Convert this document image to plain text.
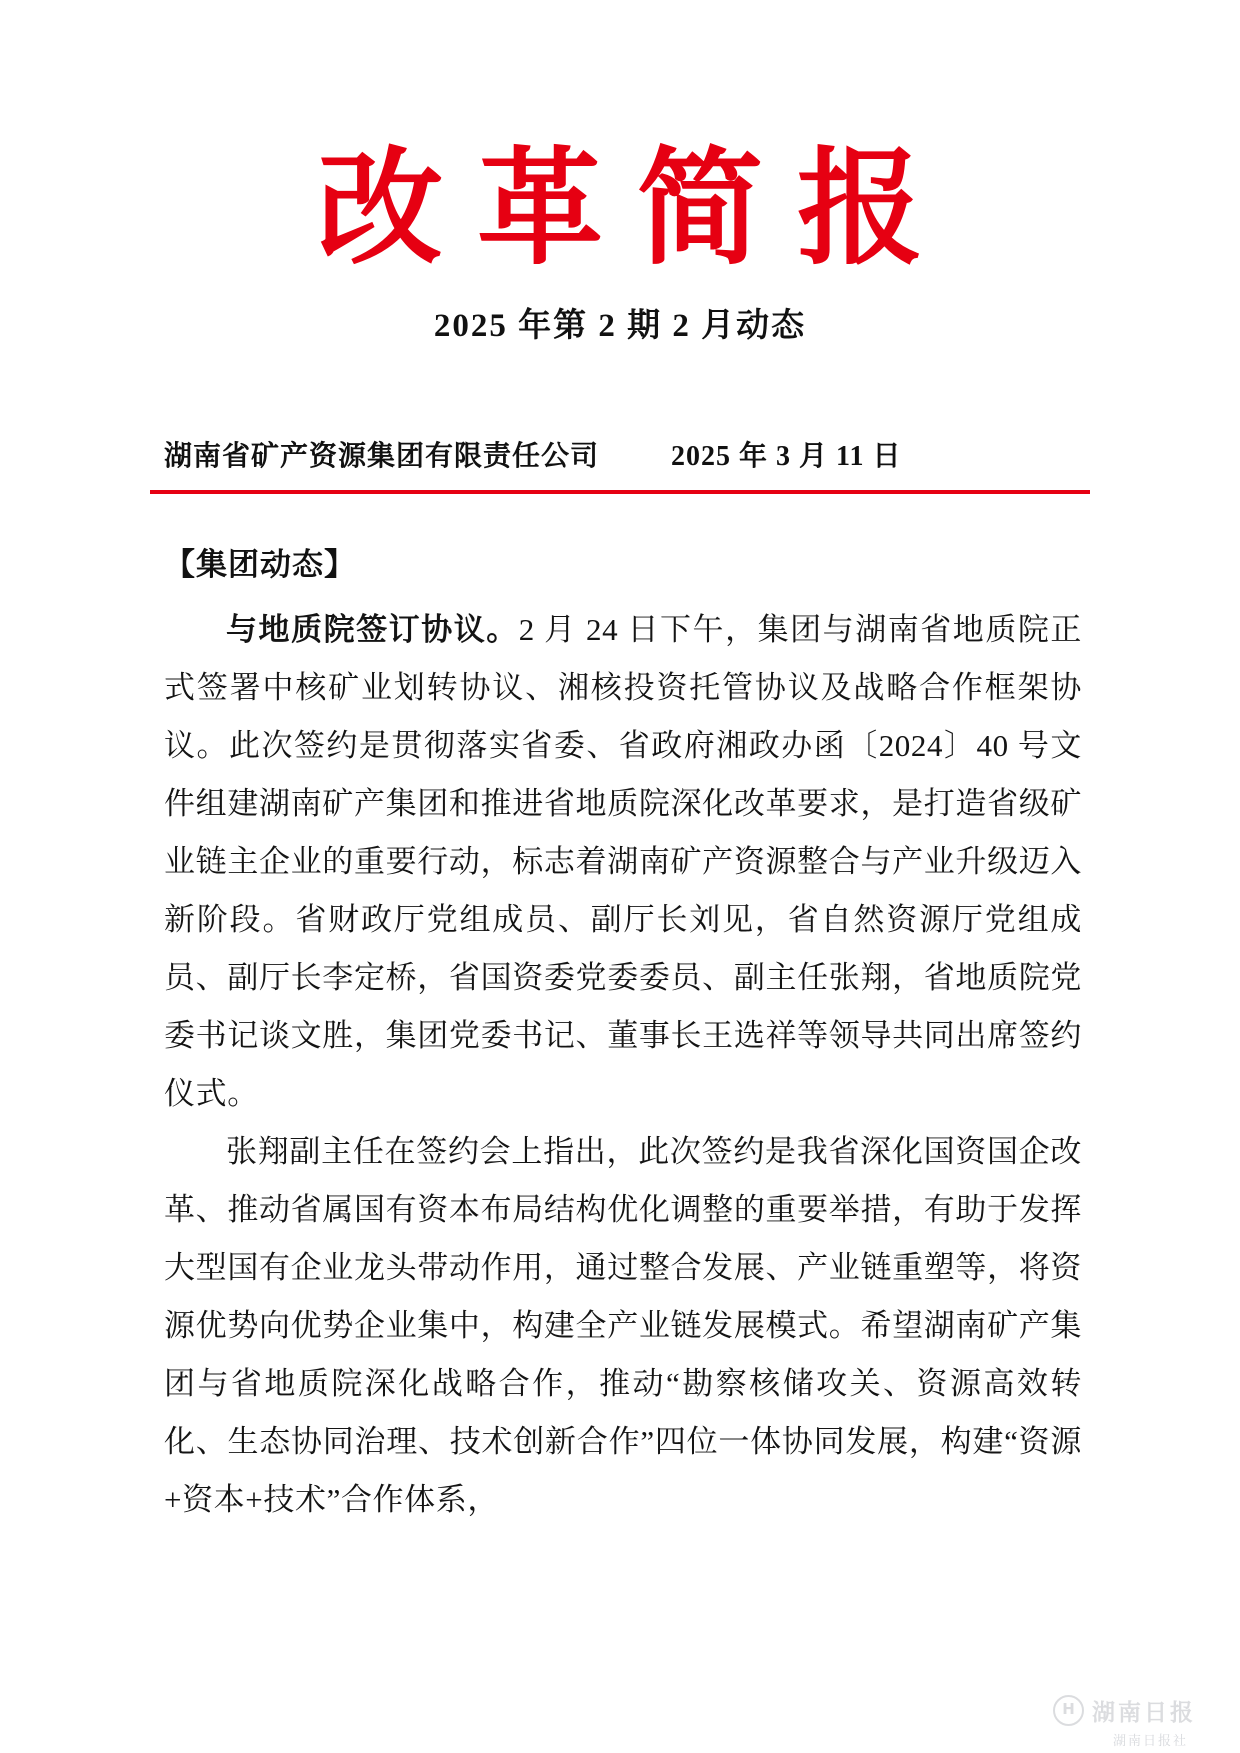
改革简报
2025 年第 2 期 2 月动态
湖南省矿产资源集团有限责任公司	2025 年 3 月 11 日
【集团动态】

与地质院签订协议。2 月 24 日下午，集团与湖南省地质院正式签署中核矿业划转协议、湘核投资托管协议及战略合作框架协议。此次签约是贯彻落实省委、省政府湘政办函〔2024〕40 号文件组建湖南矿产集团和推进省地质院深化改革要求，是打造省级矿业链主企业的重要行动，标志着湖南矿产资源整合与产业升级迈入新阶段。省财政厅党组成员、副厅长刘见，省自然资源厅党组成员、副厅长李定桥，省国资委党委委员、副主任张翔，省地质院党委书记谈文胜，集团党委书记、董事长王选祥等领导共同出席签约仪式。

张翔副主任在签约会上指出，此次签约是我省深化国资国企改革、推动省属国有资本布局结构优化调整的重要举措，有助于发挥大型国有企业龙头带动作用，通过整合发展、产业链重塑等，将资源优势向优势企业集中，构建全产业链发展模式。希望湖南矿产集团与省地质院深化战略合作，推动“勘察核储攻关、资源高效转化、生态协同治理、技术创新合作”四位一体协同发展，构建“资源+资本+技术”合作体系，

H 湖南日报
湖南日报社
